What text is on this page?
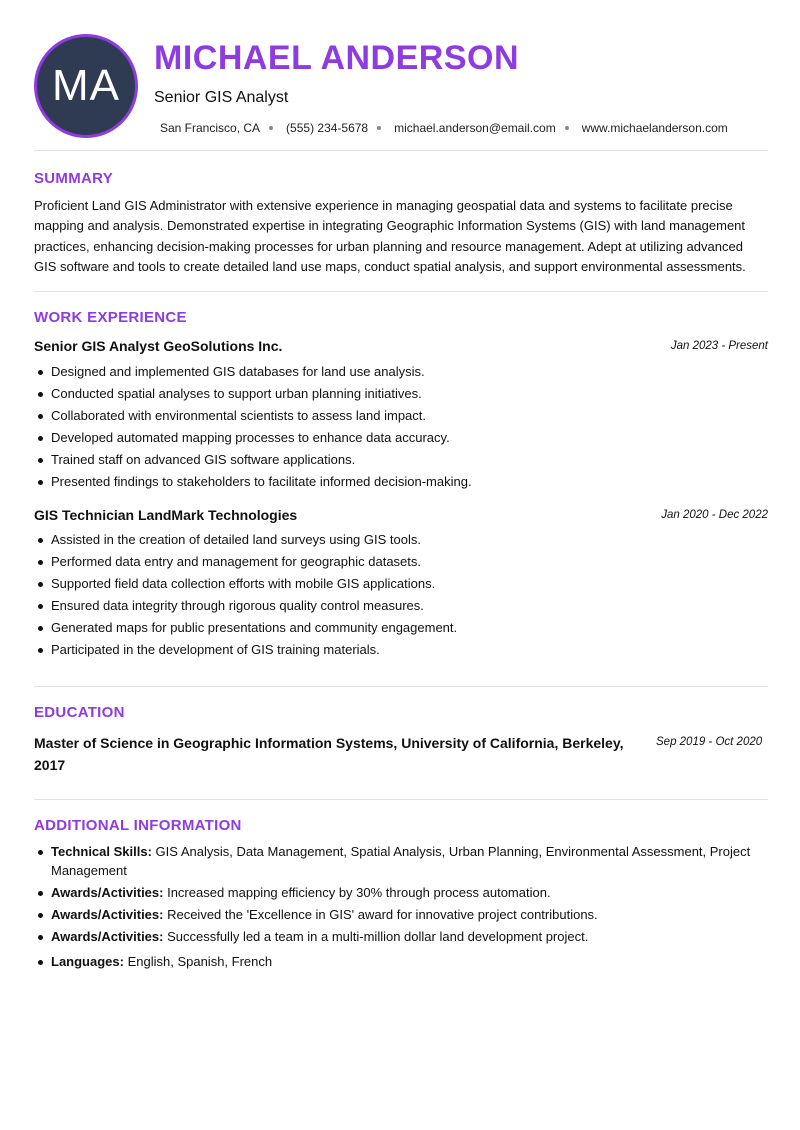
MA
MICHAEL ANDERSON
Senior GIS Analyst
San Francisco, CA (555) 234-5678 michael.anderson@email.com www.michaelanderson.com
SUMMARY
Proficient Land GIS Administrator with extensive experience in managing geospatial data and systems to facilitate precise mapping and analysis. Demonstrated expertise in integrating Geographic Information Systems (GIS) with land management practices, enhancing decision-making processes for urban planning and resource management. Adept at utilizing advanced GIS software and tools to create detailed land use maps, conduct spatial analysis, and support environmental assessments.
WORK EXPERIENCE
Senior GIS Analyst GeoSolutions Inc.	Jan 2023 - Present
Designed and implemented GIS databases for land use analysis.
Conducted spatial analyses to support urban planning initiatives.
Collaborated with environmental scientists to assess land impact.
Developed automated mapping processes to enhance data accuracy.
Trained staff on advanced GIS software applications.
Presented findings to stakeholders to facilitate informed decision-making.
GIS Technician LandMark Technologies	Jan 2020 - Dec 2022
Assisted in the creation of detailed land surveys using GIS tools.
Performed data entry and management for geographic datasets.
Supported field data collection efforts with mobile GIS applications.
Ensured data integrity through rigorous quality control measures.
Generated maps for public presentations and community engagement.
Participated in the development of GIS training materials.
EDUCATION
Master of Science in Geographic Information Systems, University of California, Berkeley, 2017
Sep 2019 - Oct 2020
ADDITIONAL INFORMATION
Technical Skills: GIS Analysis, Data Management, Spatial Analysis, Urban Planning, Environmental Assessment, Project Management
Awards/Activities: Increased mapping efficiency by 30% through process automation.
Awards/Activities: Received the 'Excellence in GIS' award for innovative project contributions.
Awards/Activities: Successfully led a team in a multi-million dollar land development project.
Languages: English, Spanish, French
